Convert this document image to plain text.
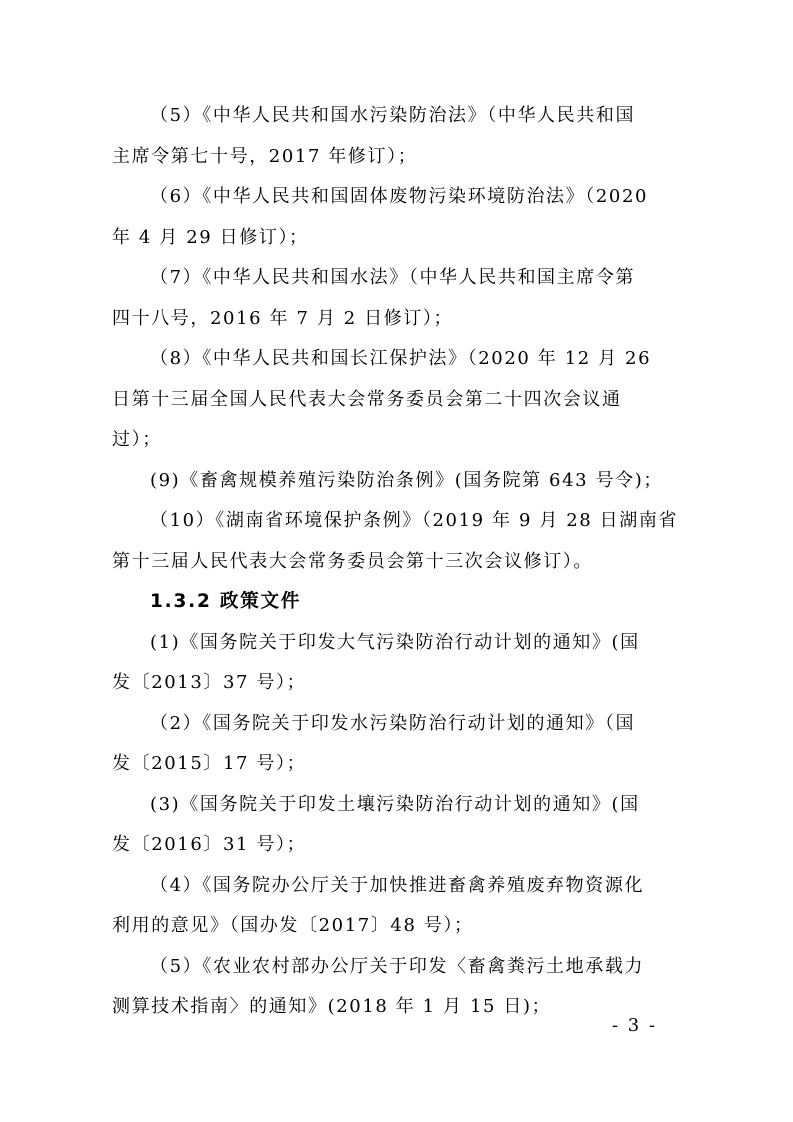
（5）《中华人民共和国水污染防治法》（中华人民共和国
主席令第七十号，2017 年修订）；

（6）《中华人民共和国固体废物污染环境防治法》（2020
年 4 月 29 日修订）；

（7）《中华人民共和国水法》（中华人民共和国主席令第
四十八号，2016 年 7 月 2 日修订）；

（8）《中华人民共和国长江保护法》（2020 年 12 月 26
日第十三届全国人民代表大会常务委员会第二十四次会议通
过）；

(9)《畜禽规模养殖污染防治条例》(国务院第 643 号令)；

（10）《湖南省环境保护条例》（2019 年 9 月 28 日湖南省
第十三届人民代表大会常务委员会第十三次会议修订）。

1.3.2 政策文件

(1)《国务院关于印发大气污染防治行动计划的通知》(国
发〔2013〕37 号）；

（2）《国务院关于印发水污染防治行动计划的通知》（国
发〔2015〕17 号）；

(3)《国务院关于印发土壤污染防治行动计划的通知》(国
发〔2016〕31 号）；

（4）《国务院办公厅关于加快推进畜禽养殖废弃物资源化
利用的意见》（国办发〔2017〕48 号）；

（5）《农业农村部办公厅关于印发〈畜禽粪污土地承载力
测算技术指南〉的通知》(2018 年 1 月 15 日)；

- 3 -
